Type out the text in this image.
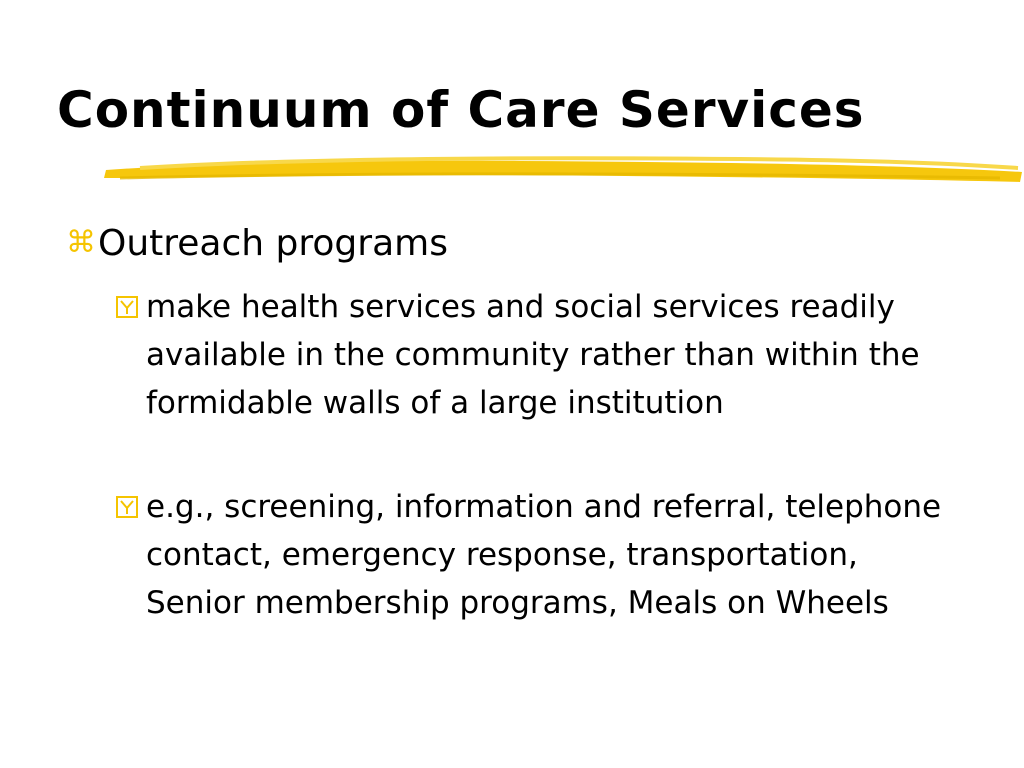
Continuum of Care Services
⌘Outreach programs
make health services and social services readily available in the community rather than within the formidable walls of a large institution
e.g., screening, information and referral, telephone contact, emergency response, transportation, Senior membership programs, Meals on Wheels
